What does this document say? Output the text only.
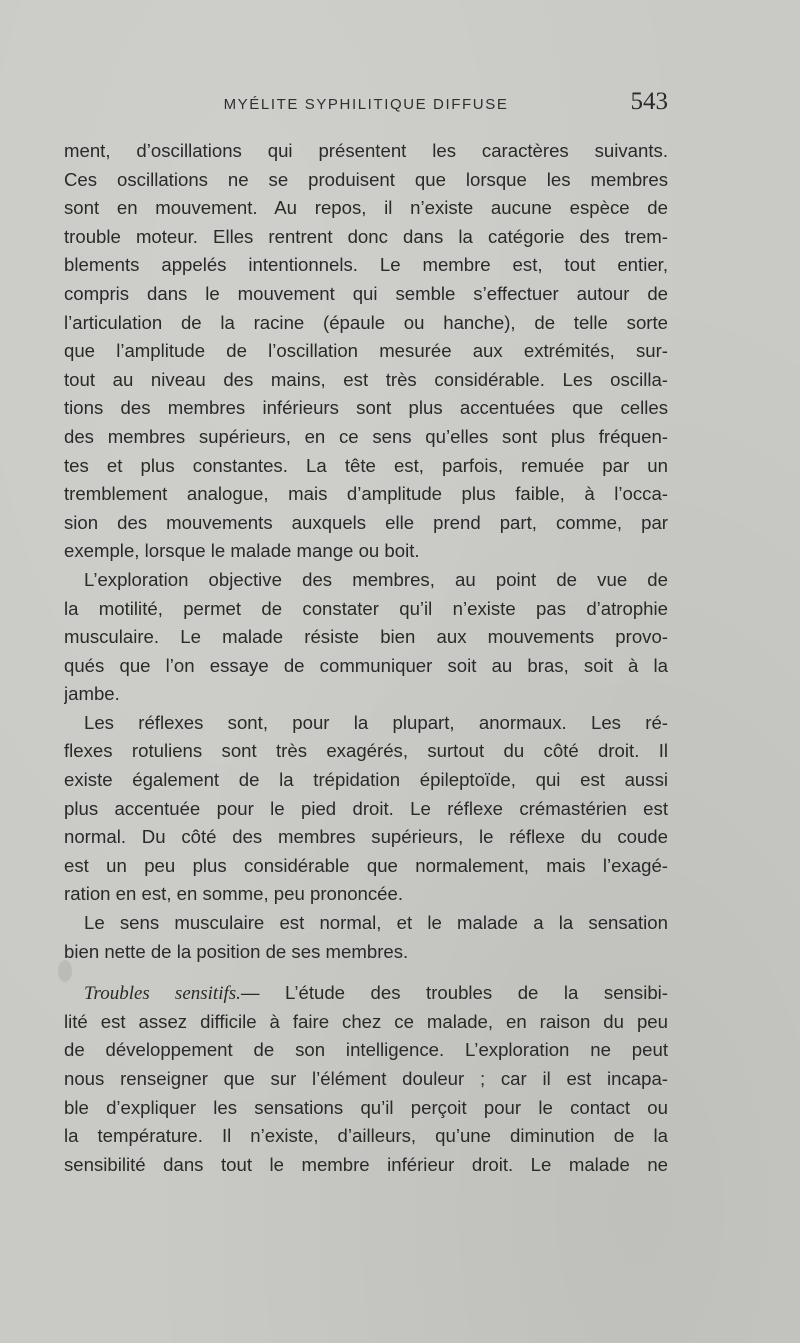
MYÉLITE SYPHILITIQUE DIFFUSE	543
ment, d’oscillations qui présentent les caractères suivants.
Ces oscillations ne se produisent que lorsque les membres
sont en mouvement. Au repos, il n’existe aucune espèce de
trouble moteur. Elles rentrent donc dans la catégorie des trem-
blements appelés intentionnels. Le membre est, tout entier,
compris dans le mouvement qui semble s’effectuer autour de
l’articulation de la racine (épaule ou hanche), de telle sorte
que l’amplitude de l’oscillation mesurée aux extrémités, sur-
tout au niveau des mains, est très considérable. Les oscilla-
tions des membres inférieurs sont plus accentuées que celles
des membres supérieurs, en ce sens qu’elles sont plus fréquen-
tes et plus constantes. La tête est, parfois, remuée par un
tremblement analogue, mais d’amplitude plus faible, à l’occa-
sion des mouvements auxquels elle prend part, comme, par
exemple, lorsque le malade mange ou boit.
L’exploration objective des membres, au point de vue de
la motilité, permet de constater qu’il n’existe pas d’atrophie
musculaire. Le malade résiste bien aux mouvements provo-
qués que l’on essaye de communiquer soit au bras, soit à la
jambe.
Les réflexes sont, pour la plupart, anormaux. Les ré-
flexes rotuliens sont très exagérés, surtout du côté droit. Il
existe également de la trépidation épileptoïde, qui est aussi
plus accentuée pour le pied droit. Le réflexe crémastérien est
normal. Du côté des membres supérieurs, le réflexe du coude
est un peu plus considérable que normalement, mais l’exagé-
ration en est, en somme, peu prononcée.
Le sens musculaire est normal, et le malade a la sensation
bien nette de la position de ses membres.
Troubles sensitifs.— L’étude des troubles de la sensibi-
lité est assez difficile à faire chez ce malade, en raison du peu
de développement de son intelligence. L’exploration ne peut
nous renseigner que sur l’élément douleur ; car il est incapa-
ble d’expliquer les sensations qu’il perçoit pour le contact ou
la température. Il n’existe, d’ailleurs, qu’une diminution de la
sensibilité dans tout le membre inférieur droit. Le malade ne
